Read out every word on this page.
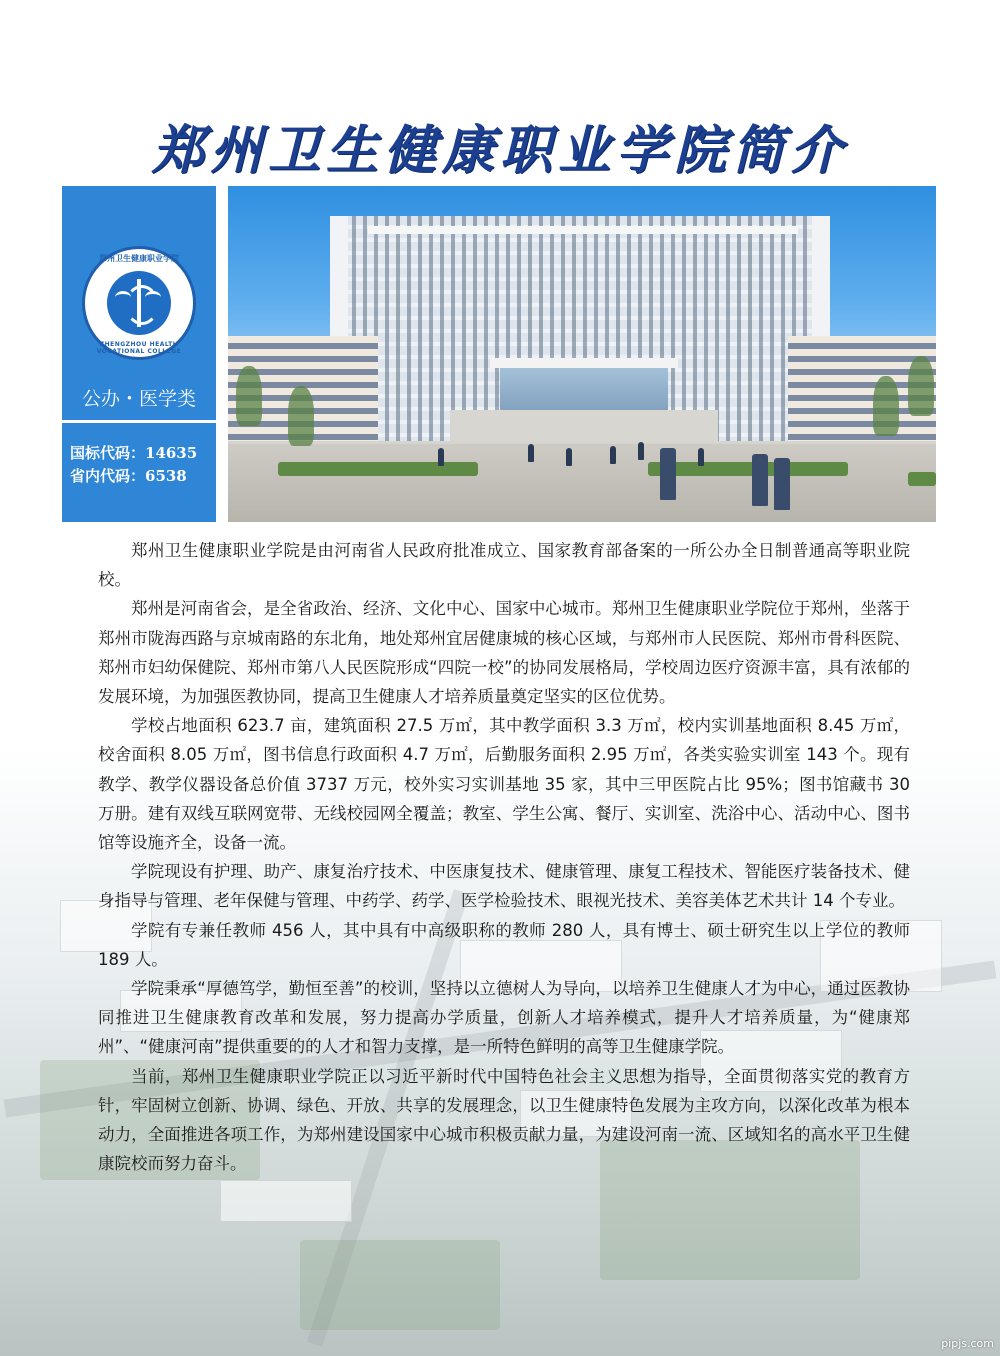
郑州卫生健康职业学院简介
郑州卫生健康职业学院
ZHENGZHOU HEALTH VOCATIONAL COLLEGE
公办・医学类
国标代码：14635
省内代码：6538

郑州卫生健康职业学院是由河南省人民政府批准成立、国家教育部备案的一所公办全日制普通高等职业院校。

郑州是河南省会，是全省政治、经济、文化中心、国家中心城市。郑州卫生健康职业学院位于郑州，坐落于郑州市陇海西路与京城南路的东北角，地处郑州宜居健康城的核心区域，与郑州市人民医院、郑州市骨科医院、郑州市妇幼保健院、郑州市第八人民医院形成“四院一校”的协同发展格局，学校周边医疗资源丰富，具有浓郁的发展环境，为加强医教协同，提高卫生健康人才培养质量奠定坚实的区位优势。

学校占地面积 623.7 亩，建筑面积 27.5 万㎡，其中教学面积 3.3 万㎡，校内实训基地面积 8.45 万㎡，校舍面积 8.05 万㎡，图书信息行政面积 4.7 万㎡，后勤服务面积 2.95 万㎡，各类实验实训室 143 个。现有教学、教学仪器设备总价值 3737 万元，校外实习实训基地 35 家，其中三甲医院占比 95%；图书馆藏书 30 万册。建有双线互联网宽带、无线校园网全覆盖；教室、学生公寓、餐厅、实训室、洗浴中心、活动中心、图书馆等设施齐全，设备一流。

学院现设有护理、助产、康复治疗技术、中医康复技术、健康管理、康复工程技术、智能医疗装备技术、健身指导与管理、老年保健与管理、中药学、药学、医学检验技术、眼视光技术、美容美体艺术共计 14 个专业。

学院有专兼任教师 456 人，其中具有中高级职称的教师 280 人，具有博士、硕士研究生以上学位的教师 189 人。

学院秉承“厚德笃学，勤恒至善”的校训，坚持以立德树人为导向，以培养卫生健康人才为中心，通过医教协同推进卫生健康教育改革和发展，努力提高办学质量，创新人才培养模式，提升人才培养质量，为“健康郑州”、“健康河南”提供重要的的人才和智力支撑，是一所特色鲜明的高等卫生健康学院。

当前，郑州卫生健康职业学院正以习近平新时代中国特色社会主义思想为指导，全面贯彻落实党的教育方针，牢固树立创新、协调、绿色、开放、共享的发展理念，以卫生健康特色发展为主攻方向，以深化改革为根本动力，全面推进各项工作，为郑州建设国家中心城市积极贡献力量，为建设河南一流、区域知名的高水平卫生健康院校而努力奋斗。

pipjs.com
